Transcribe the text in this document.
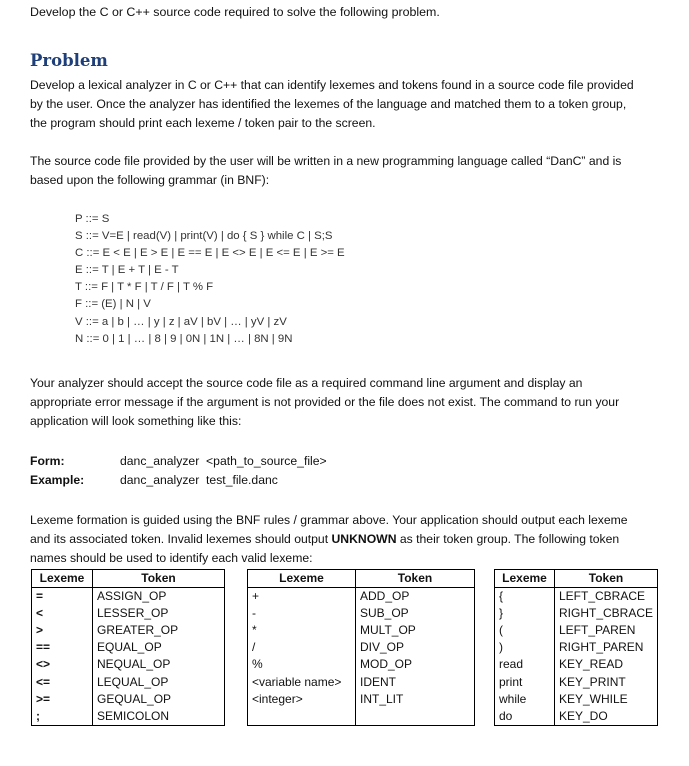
Develop the C or C++ source code required to solve the following problem.
Problem
Develop a lexical analyzer in C or C++ that can identify lexemes and tokens found in a source code file provided
by the user. Once the analyzer has identified the lexemes of the language and matched them to a token group,
the program should print each lexeme / token pair to the screen.
The source code file provided by the user will be written in a new programming language called “DanC” and is
based upon the following grammar (in BNF):
P ::= S
S ::= V=E | read(V) | print(V) | do { S } while C | S;S
C ::= E < E | E > E | E == E | E <> E | E <= E | E >= E
E ::= T | E + T | E - T
T ::= F | T * F | T / F | T % F
F ::= (E) | N | V
V ::= a | b | … | y | z | aV | bV | … | yV | zV
N ::= 0 | 1 | … | 8 | 9 | 0N | 1N | … | 8N | 9N
Your analyzer should accept the source code file as a required command line argument and display an
appropriate error message if the argument is not provided or the file does not exist. The command to run your
application will look something like this:
Form:	danc_analyzer  <path_to_source_file>
Example:	danc_analyzer  test_file.danc
Lexeme formation is guided using the BNF rules / grammar above. Your application should output each lexeme
and its associated token. Invalid lexemes should output UNKNOWN as their token group. The following token
names should be used to identify each valid lexeme:
Lexeme	Token
=	ASSIGN_OP
<	LESSER_OP
>	GREATER_OP
==	EQUAL_OP
<>	NEQUAL_OP
<=	LEQUAL_OP
>=	GEQUAL_OP
;	SEMICOLON
Lexeme	Token
+	ADD_OP
-	SUB_OP
*	MULT_OP
/	DIV_OP
%	MOD_OP
<variable name>	IDENT
<integer>	INT_LIT

Lexeme	Token
{	LEFT_CBRACE
}	RIGHT_CBRACE
(	LEFT_PAREN
)	RIGHT_PAREN
read	KEY_READ
print	KEY_PRINT
while	KEY_WHILE
do	KEY_DO
